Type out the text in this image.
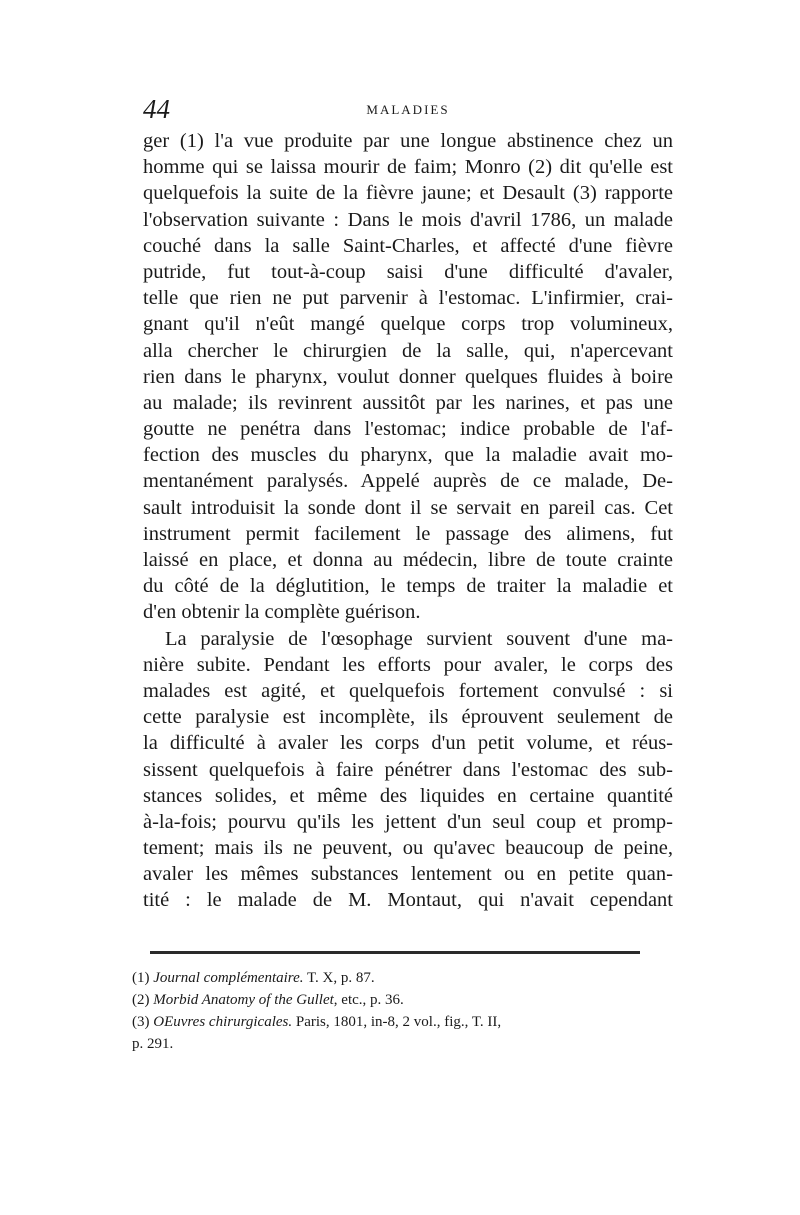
44	MALADIES
ger (1) l'a vue produite par une longue abstinence chez un
homme qui se laissa mourir de faim; Monro (2) dit qu'elle est
quelquefois la suite de la fièvre jaune; et Desault (3) rapporte
l'observation suivante : Dans le mois d'avril 1786, un malade
couché dans la salle Saint-Charles, et affecté d'une fièvre
putride, fut tout-à-coup saisi d'une difficulté d'avaler,
telle que rien ne put parvenir à l'estomac. L'infirmier, crai-
gnant qu'il n'eût mangé quelque corps trop volumineux,
alla chercher le chirurgien de la salle, qui, n'apercevant
rien dans le pharynx, voulut donner quelques fluides à boire
au malade; ils revinrent aussitôt par les narines, et pas une
goutte ne penétra dans l'estomac; indice probable de l'af-
fection des muscles du pharynx, que la maladie avait mo-
mentanément paralysés. Appelé auprès de ce malade, De-
sault introduisit la sonde dont il se servait en pareil cas. Cet
instrument permit facilement le passage des alimens, fut
laissé en place, et donna au médecin, libre de toute crainte
du côté de la déglutition, le temps de traiter la maladie et
d'en obtenir la complète guérison.
La paralysie de l'œsophage survient souvent d'une ma-
nière subite. Pendant les efforts pour avaler, le corps des
malades est agité, et quelquefois fortement convulsé : si
cette paralysie est incomplète, ils éprouvent seulement de
la difficulté à avaler les corps d'un petit volume, et réus-
sissent quelquefois à faire pénétrer dans l'estomac des sub-
stances solides, et même des liquides en certaine quantité
à-la-fois; pourvu qu'ils les jettent d'un seul coup et promp-
tement; mais ils ne peuvent, ou qu'avec beaucoup de peine,
avaler les mêmes substances lentement ou en petite quan-
tité : le malade de M. Montaut, qui n'avait cependant
(1) Journal complémentaire. T. X, p. 87.
(2) Morbid Anatomy of the Gullet, etc., p. 36.
(3) OEuvres chirurgicales. Paris, 1801, in-8, 2 vol., fig., T. II,
p. 291.
